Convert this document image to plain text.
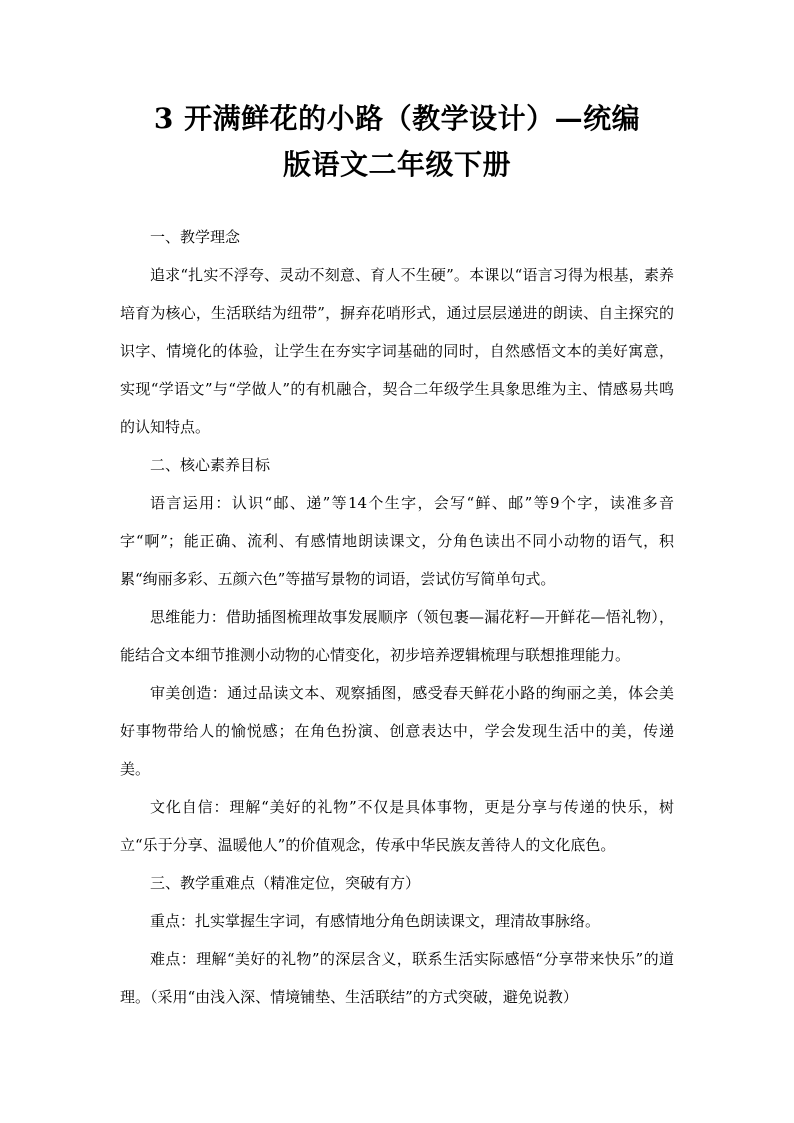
3 开满鲜花的小路（教学设计）—统编
版语文二年级下册

一、教学理念

追求“扎实不浮夸、灵动不刻意、育人不生硬”。本课以“语言习得为根基，素养培育为核心，生活联结为纽带”，摒弃花哨形式，通过层层递进的朗读、自主探究的识字、情境化的体验，让学生在夯实字词基础的同时，自然感悟文本的美好寓意，实现“学语文”与“学做人”的有机融合，契合二年级学生具象思维为主、情感易共鸣的认知特点。

二、核心素养目标

语言运用：认识“邮、递”等14个生字，会写“鲜、邮”等9个字，读准多音字“啊”；能正确、流利、有感情地朗读课文，分角色读出不同小动物的语气，积累“绚丽多彩、五颜六色”等描写景物的词语，尝试仿写简单句式。

思维能力：借助插图梳理故事发展顺序（领包裹—漏花籽—开鲜花—悟礼物），能结合文本细节推测小动物的心情变化，初步培养逻辑梳理与联想推理能力。

审美创造：通过品读文本、观察插图，感受春天鲜花小路的绚丽之美，体会美好事物带给人的愉悦感；在角色扮演、创意表达中，学会发现生活中的美，传递美。

文化自信：理解“美好的礼物”不仅是具体事物，更是分享与传递的快乐，树立“乐于分享、温暖他人”的价值观念，传承中华民族友善待人的文化底色。

三、教学重难点（精准定位，突破有方）

重点：扎实掌握生字词，有感情地分角色朗读课文，理清故事脉络。

难点：理解“美好的礼物”的深层含义，联系生活实际感悟“分享带来快乐”的道理。（采用“由浅入深、情境铺垫、生活联结”的方式突破，避免说教）
